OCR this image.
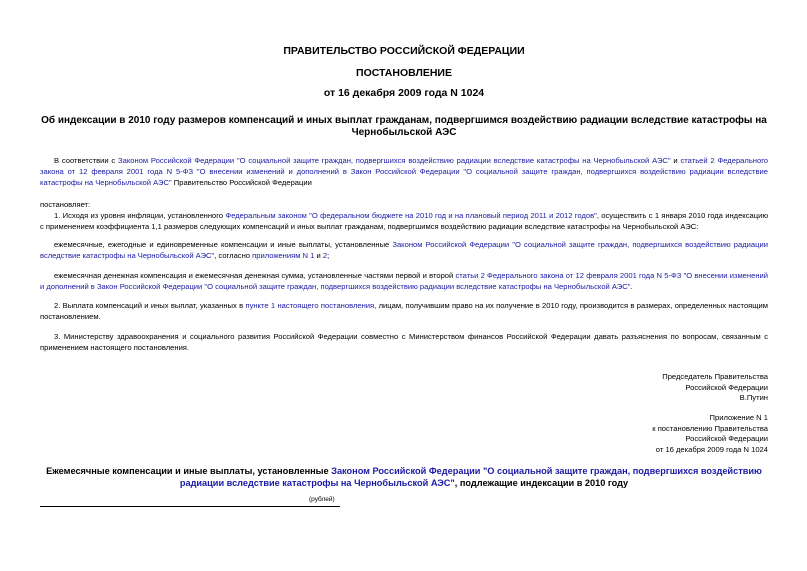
ПРАВИТЕЛЬСТВО РОССИЙСКОЙ ФЕДЕРАЦИИ
ПОСТАНОВЛЕНИЕ
от 16 декабря 2009 года N 1024
Об индексации в 2010 году размеров компенсаций и иных выплат гражданам, подвергшимся воздействию радиации вследствие катастрофы на Чернобыльской АЭС
В соответствии с Законом Российской Федерации "О социальной защите граждан, подвергшихся воздействию радиации вследствие катастрофы на Чернобыльской АЭС" и статьей 2 Федерального закона от 12 февраля 2001 года N 5-ФЗ "О внесении изменений и дополнений в Закон Российской Федерации "О социальной защите граждан, подвергшихся воздействию радиации вследствие катастрофы на Чернобыльской АЭС" Правительство Российской Федерации
постановляет:
1. Исходя из уровня инфляции, установленного Федеральным законом "О федеральном бюджете на 2010 год и на плановый период 2011 и 2012 годов", осуществить с 1 января 2010 года индексацию с применением коэффициента 1,1 размеров следующих компенсаций и иных выплат гражданам, подвергшимся воздействию радиации вследствие катастрофы на Чернобыльской АЭС:
ежемесячные, ежегодные и единовременные компенсации и иные выплаты, установленные Законом Российской Федерации "О социальной защите граждан, подвергшихся воздействию радиации вследствие катастрофы на Чернобыльской АЭС", согласно приложениям N 1 и 2;
ежемесячная денежная компенсация и ежемесячная денежная сумма, установленные частями первой и второй статьи 2 Федерального закона от 12 февраля 2001 года N 5-ФЗ "О внесении изменений и дополнений в Закон Российской Федерации "О социальной защите граждан, подвергшихся воздействию радиации вследствие катастрофы на Чернобыльской АЭС".
2. Выплата компенсаций и иных выплат, указанных в пункте 1 настоящего постановления, лицам, получившим право на их получение в 2010 году, производится в размерах, определенных настоящим постановлением.
3. Министерству здравоохранения и социального развития Российской Федерации совместно с Министерством финансов Российской Федерации давать разъяснения по вопросам, связанным с применением настоящего постановления.
Председатель Правительства
Российской Федерации
В.Путин
Приложение N 1
к постановлению Правительства
Российской Федерации
от 16 декабря 2009 года N 1024
Ежемесячные компенсации и иные выплаты, установленные Законом Российской Федерации "О социальной защите граждан, подвергшихся воздействию радиации вследствие катастрофы на Чернобыльской АЭС", подлежащие индексации в 2010 году
(рублей)
